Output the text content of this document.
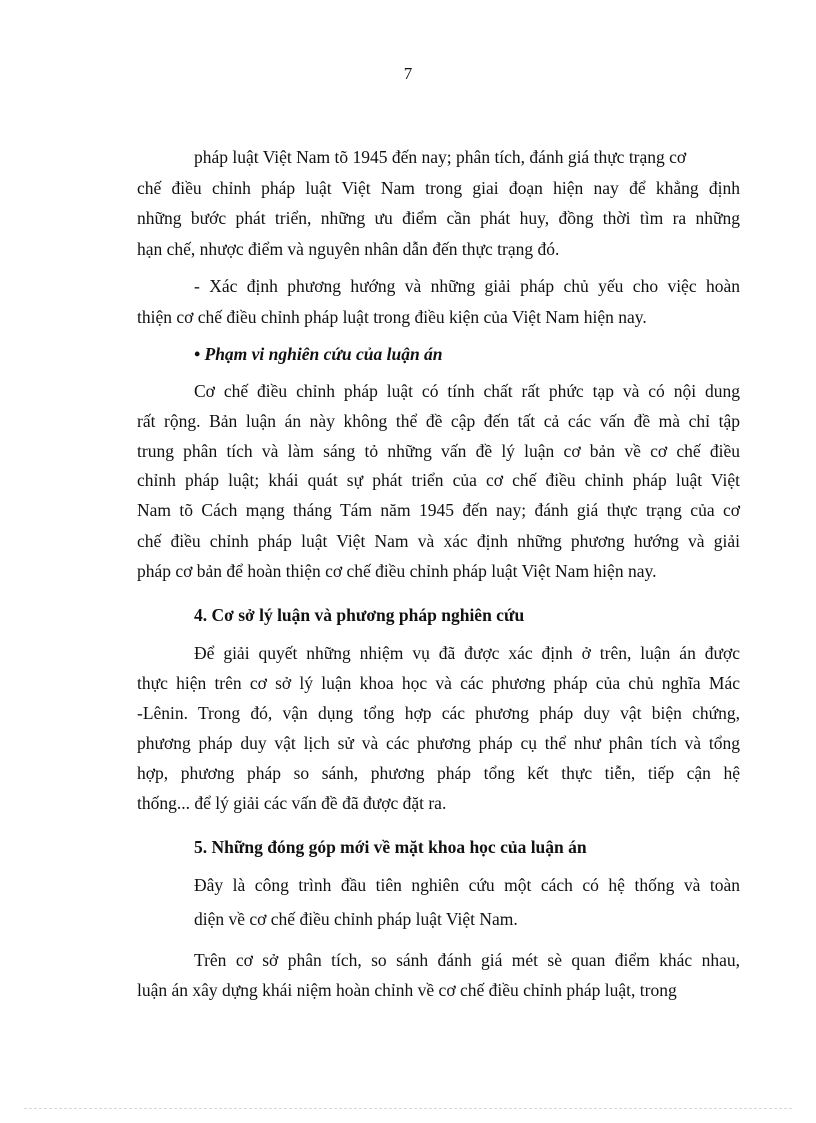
7
pháp luật Việt Nam tõ 1945 đến nay; phân tích, đánh giá thực trạng cơ
chế điều chỉnh pháp luật Việt Nam trong giai đoạn hiện nay để khẳng định
những bước phát triển, những ưu điểm cần phát huy, đồng thời tìm ra những
hạn chế, nhược điểm và nguyên nhân dẫn đến thực trạng đó.
- Xác định phương hướng và những giải pháp chủ yếu cho việc hoàn
thiện cơ chế điều chỉnh pháp luật trong điều kiện của Việt Nam hiện nay.
• Phạm vi nghiên cứu của luận án
Cơ chế điều chỉnh pháp luật có tính chất rất phức tạp và có nội dung
rất rộng. Bản luận án này không thể đề cập đến tất cả các vấn đề mà chỉ tập
trung phân tích và làm sáng tỏ những vấn đề lý luận cơ bản về cơ chế điều
chỉnh pháp luật; khái quát sự phát triển của cơ chế điều chỉnh pháp luật Việt
Nam tõ Cách mạng tháng Tám năm 1945 đến nay; đánh giá thực trạng của cơ
chế điều chỉnh pháp luật Việt Nam và xác định những phương hướng và giải
pháp cơ bản để hoàn thiện cơ chế điều chỉnh pháp luật Việt Nam hiện nay.
4. Cơ sở lý luận và phương pháp nghiên cứu
Để giải quyết những nhiệm vụ đã được xác định ở trên, luận án được
thực hiện trên cơ sở lý luận khoa học và các phương pháp của chủ nghĩa Mác
-Lênin. Trong đó, vận dụng tổng hợp các phương pháp duy vật biện chứng,
phương pháp duy vật lịch sử và các phương pháp cụ thể như phân tích và tổng
hợp, phương pháp so sánh, phương pháp tổng kết thực tiễn, tiếp cận hệ
thống... để lý giải các vấn đề đã được đặt ra.
5. Những đóng góp mới về mặt khoa học của luận án
Đây là công trình đầu tiên nghiên cứu một cách có hệ thống và toàn
diện về cơ chế điều chỉnh pháp luật Việt Nam.
Trên cơ sở phân tích, so sánh đánh giá mét sè quan điểm khác nhau,
luận án xây dựng khái niệm hoàn chỉnh về cơ chế điều chỉnh pháp luật, trong
